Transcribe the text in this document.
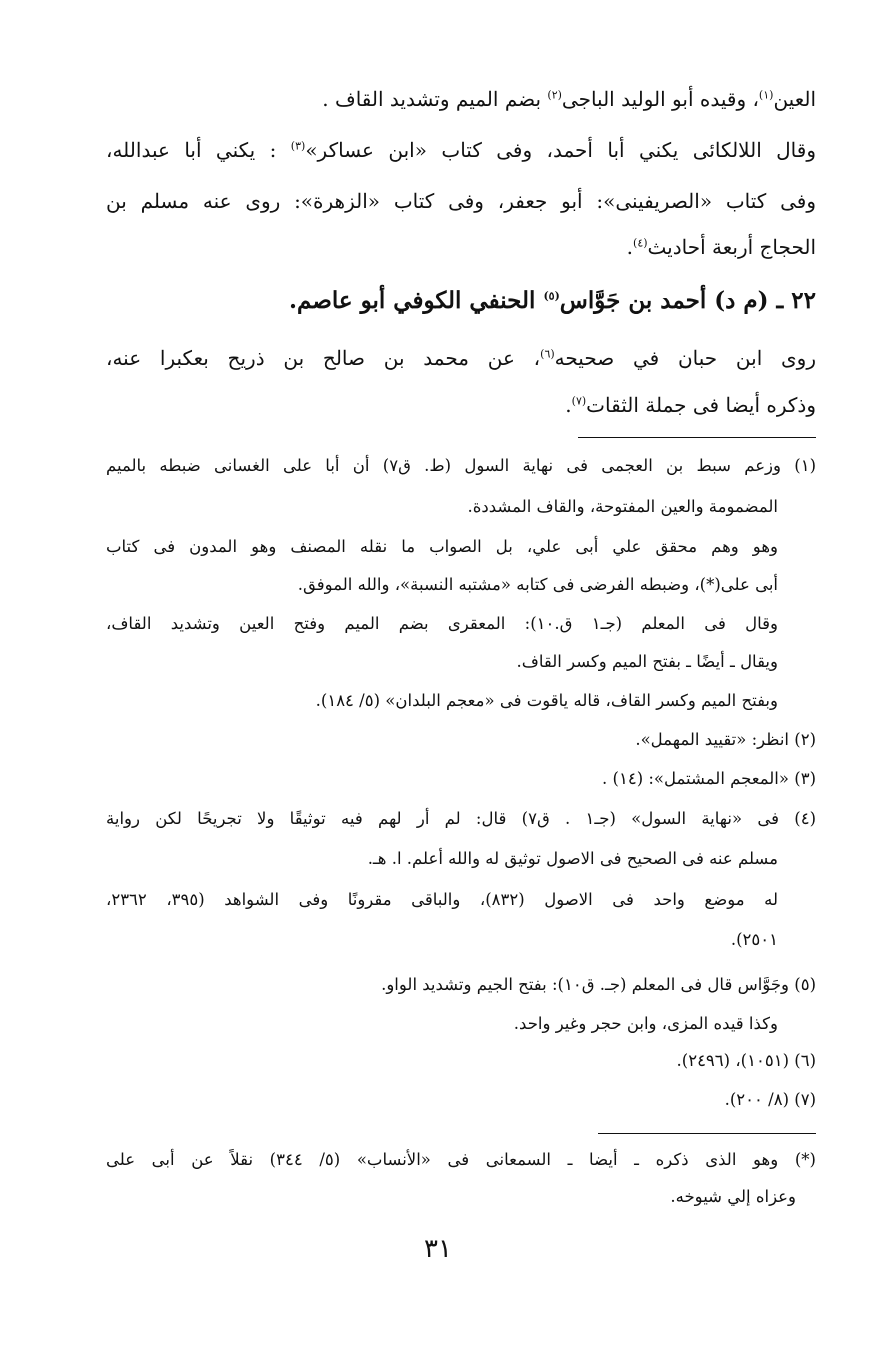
العين$^{(١)}$، وقيده أبو الوليد الباجى$^{(٢)}$ بضم الميم وتشديد القاف .
وقال اللالكائى يكني أبا أحمد، وفى كتاب «ابن عساكر»$^{(٣)}$ : يكني أبا عبدالله،
وفى كتاب «الصريفينى»: أبو جعفر، وفى كتاب «الزهرة»: روى عنه مسلم بن
الحجاج أربعة أحاديث$^{(٤)}$.
٢٢ ـ (م د) أحمد بن جَوَّاس$^{(٥)}$ الحنفي الكوفي أبو عاصم.
روى ابن حبان في صحيحه$^{(٦)}$، عن محمد بن صالح بن ذريح بعكبرا عنه،
وذكره أيضا فى جملة الثقات$^{(٧)}$.
(١) وزعم سبط بن العجمى فى نهاية السول (ط. ق٧) أن أبا على الغسانى ضبطه بالميم
المضمومة والعين المفتوحة، والقاف المشددة.
وهو وهم محقق علي أبى علي، بل الصواب ما نقله المصنف وهو المدون فى كتاب
أبى على(*)، وضبطه الفرضى فى كتابه «مشتبه النسبة»، والله الموفق.
وقال فى المعلم (جـ١ ق.١٠): المعقرى بضم الميم وفتح العين وتشديد القاف،
ويقال ـ أيضًا ـ بفتح الميم وكسر القاف.
وبفتح الميم وكسر القاف، قاله ياقوت فى «معجم البلدان» (٥/ ١٨٤).
(٢) انظر: «تقييد المهمل».
(٣) «المعجم المشتمل»: (١٤) .
(٤) فى «نهاية السول» (جـ١ . ق٧) قال: لم أر لهم فيه توثيقًا ولا تجريحًا لكن رواية
مسلم عنه فى الصحيح فى الاصول توثيق له والله أعلم. ا. هـ.
له موضع واحد فى الاصول (٨٣٢)، والباقى مقرونًا وفى الشواهد (٣٩٥، ٢٣٦٢،
٢٥٠١).
(٥) وجَوَّاس قال فى المعلم (جـ. ق١٠): بفتح الجيم وتشديد الواو.
وكذا قيده المزى، وابن حجر وغير واحد.
(٦) (١٠٥١)، (٢٤٩٦).
(٧) (٨/ ٢٠٠).
(*) وهو الذى ذكره ـ أيضا ـ السمعانى فى «الأنساب» (٥/ ٣٤٤) نقلاً عن أبى على
وعزاه إلي شيوخه.
٣١
